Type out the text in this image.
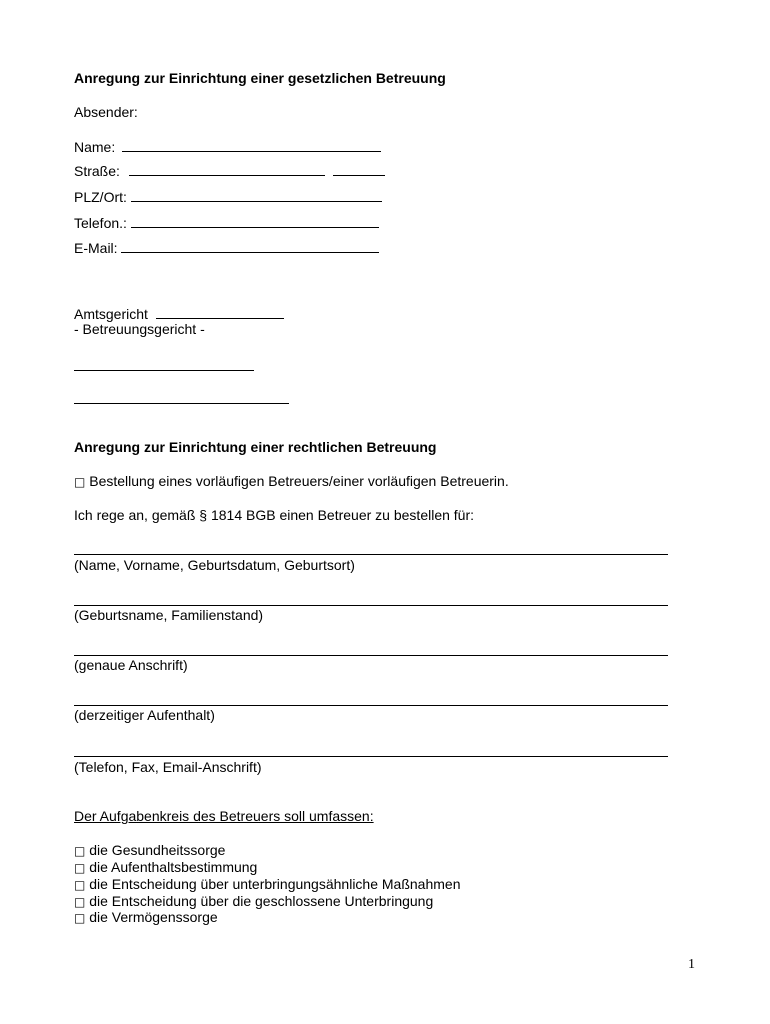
Anregung zur Einrichtung einer gesetzlichen Betreuung
Absender:
Name:
Straße:
PLZ/Ort:
Telefon.:
E-Mail:
Amtsgericht
- Betreuungsgericht -
Anregung zur Einrichtung einer rechtlichen Betreuung
□ Bestellung eines vorläufigen Betreuers/einer vorläufigen Betreuerin.
Ich rege an, gemäß § 1814 BGB einen Betreuer zu bestellen für:
(Name, Vorname, Geburtsdatum, Geburtsort)
(Geburtsname, Familienstand)
(genaue Anschrift)
(derzeitiger Aufenthalt)
(Telefon, Fax, Email-Anschrift)
Der Aufgabenkreis des Betreuers soll umfassen:
□ die Gesundheitssorge
□ die Aufenthaltsbestimmung
□ die Entscheidung über unterbringungsähnliche Maßnahmen
□ die Entscheidung über die geschlossene Unterbringung
□ die Vermögenssorge
1
